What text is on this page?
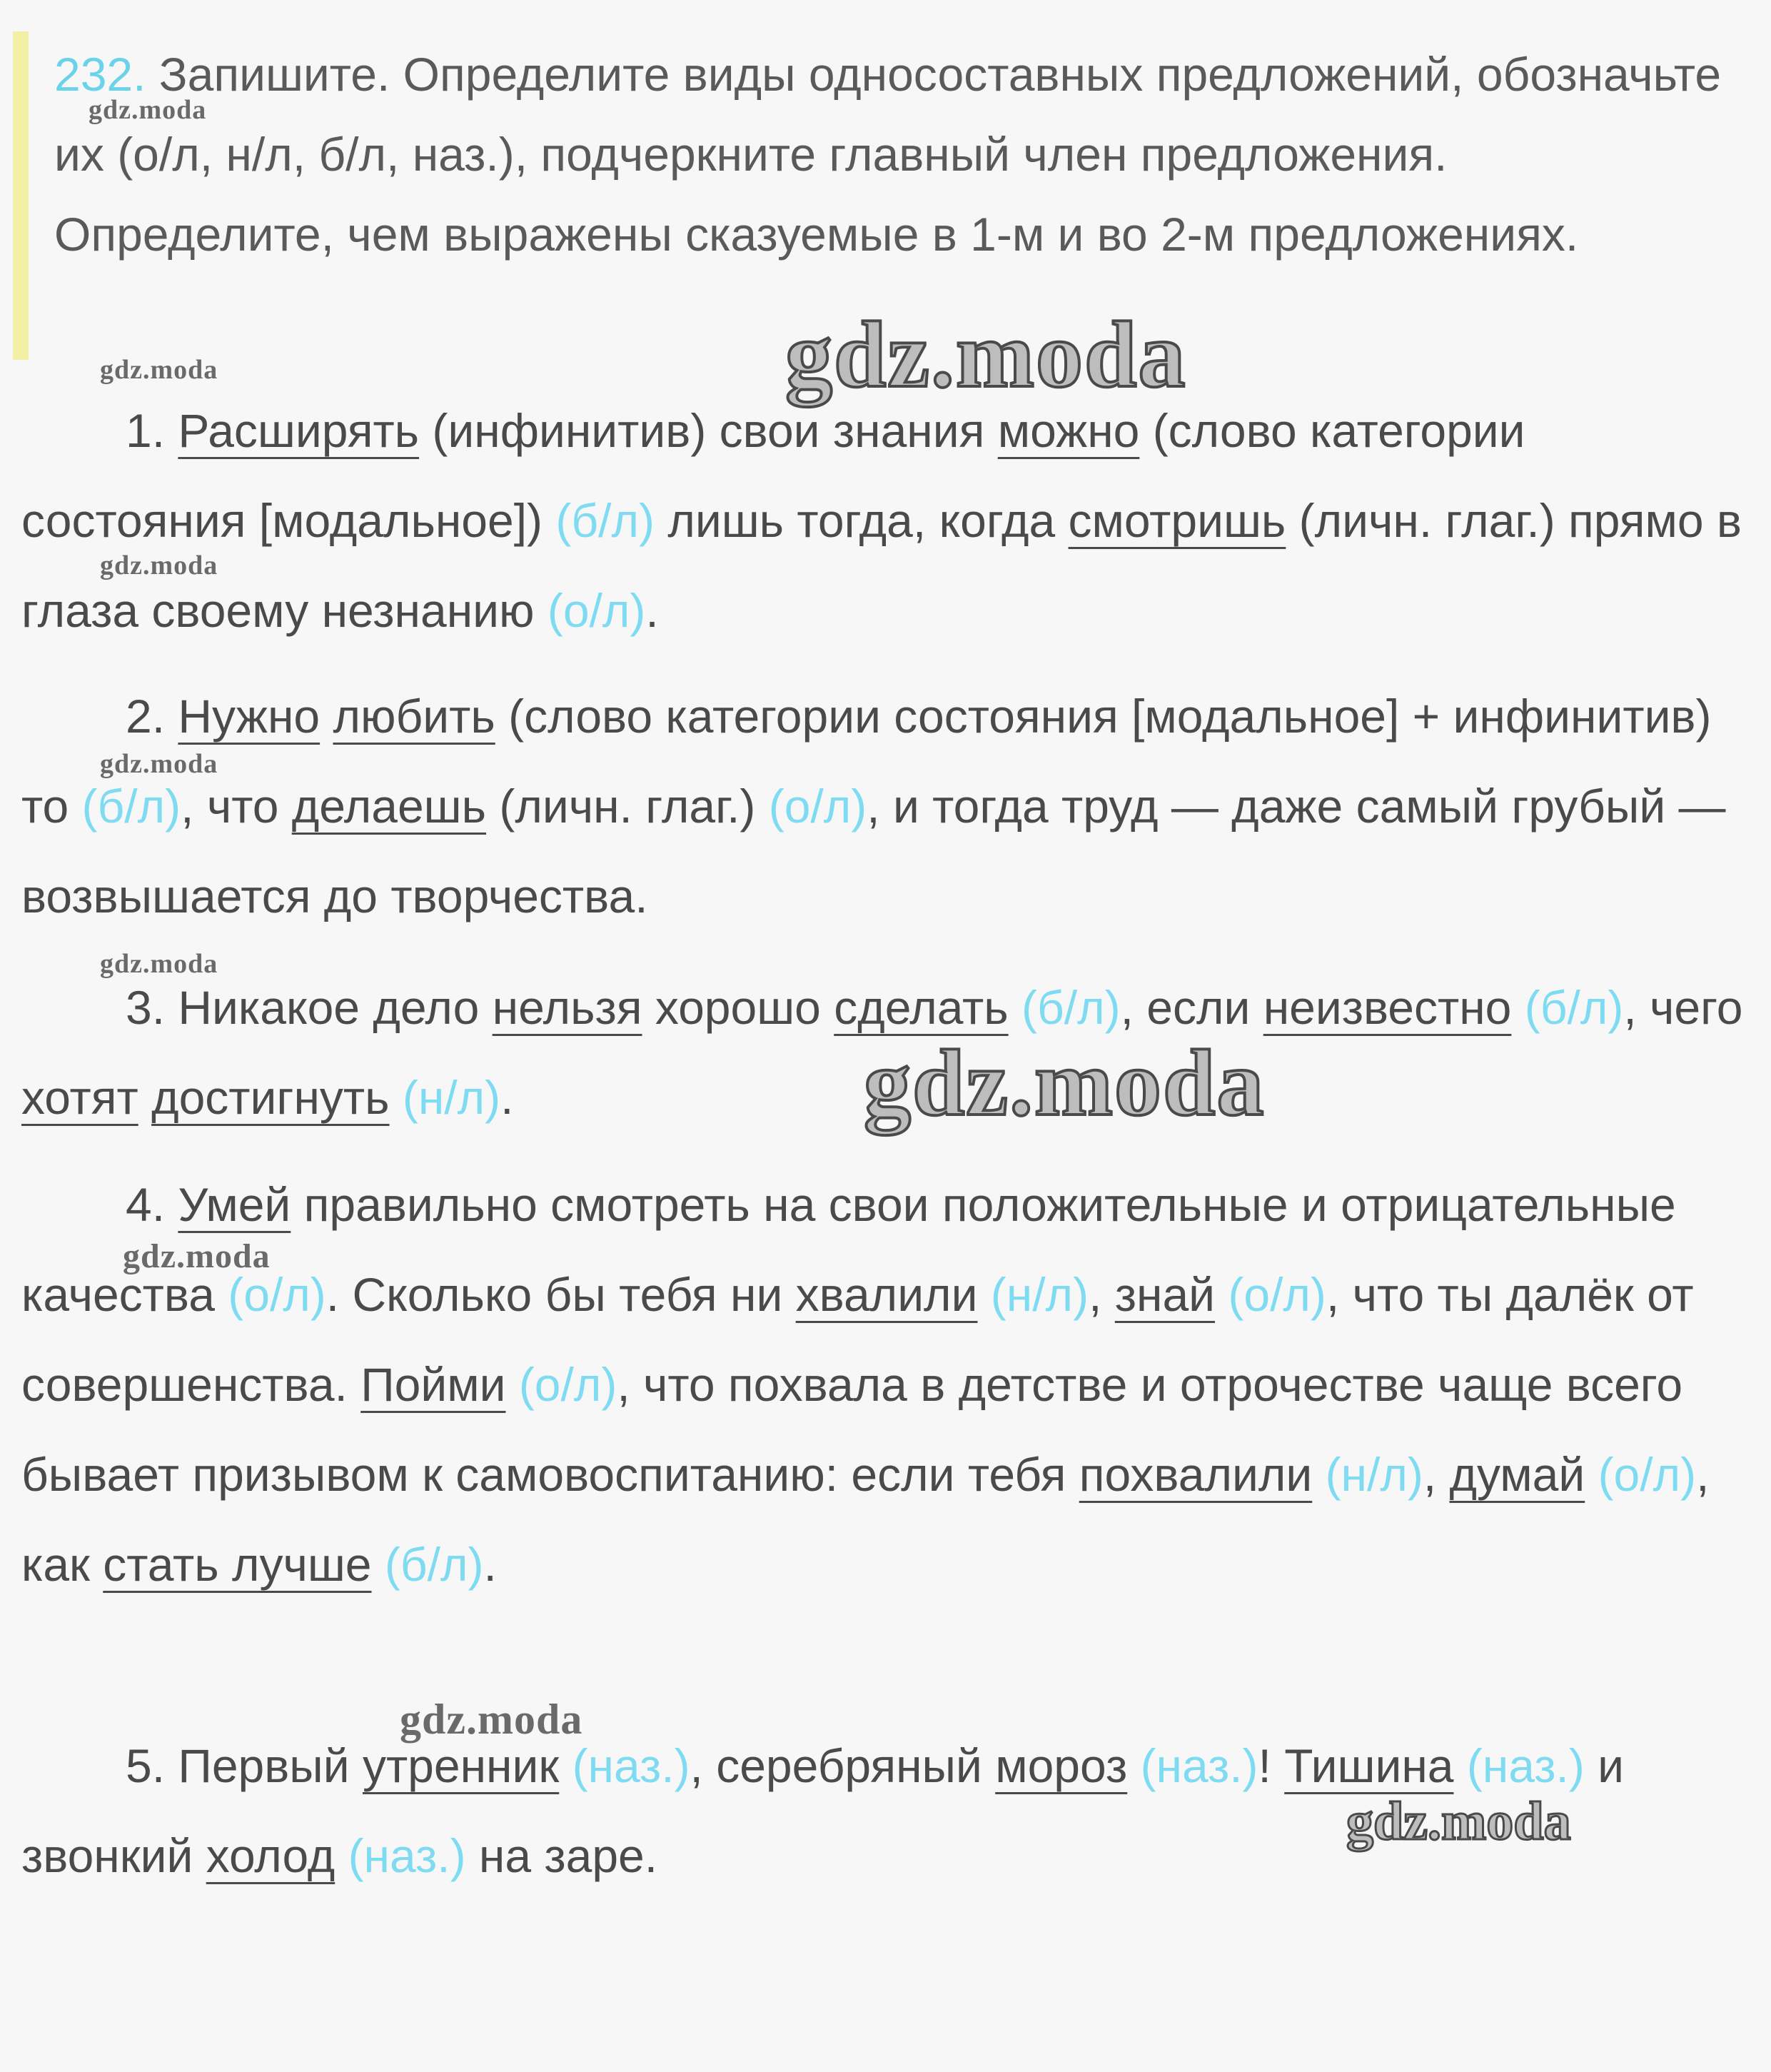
232. Запишите. Определите виды односоставных предложений, обозначьте их (о/л, н/л, б/л, наз.), подчеркните главный член предложения. Определите, чем выражены сказуемые в 1-м и во 2-м предложениях.
1. Расширять (инфинитив) свои знания можно (слово категории состояния [модальное]) (б/л) лишь тогда, когда смотришь (личн. глаг.) прямо в глаза своему незнанию (о/л).
2. Нужно любить (слово категории состояния [модальное] + инфинитив) то (б/л), что делаешь (личн. глаг.) (о/л), и тогда труд — даже самый грубый — возвышается до творчества.
3. Никакое дело нельзя хорошо сделать (б/л), если неизвестно (б/л), чего хотят достигнуть (н/л).
4. Умей правильно смотреть на свои положительные и отрицательные качества (о/л). Сколько бы тебя ни хвалили (н/л), знай (о/л), что ты далёк от совершенства. Пойми (о/л), что похвала в детстве и отрочестве чаще всего бывает призывом к самовоспитанию: если тебя похвалили (н/л), думай (о/л), как стать лучше (б/л).
5. Первый утренник (наз.), серебряный мороз (наз.)! Тишина (наз.) и звонкий холод (наз.) на заре.
gdz.moda
gdz.moda
gdz.moda
gdz.moda
gdz.moda
gdz.moda
gdz.moda
gdz.moda
gdz.moda
gdz.moda
